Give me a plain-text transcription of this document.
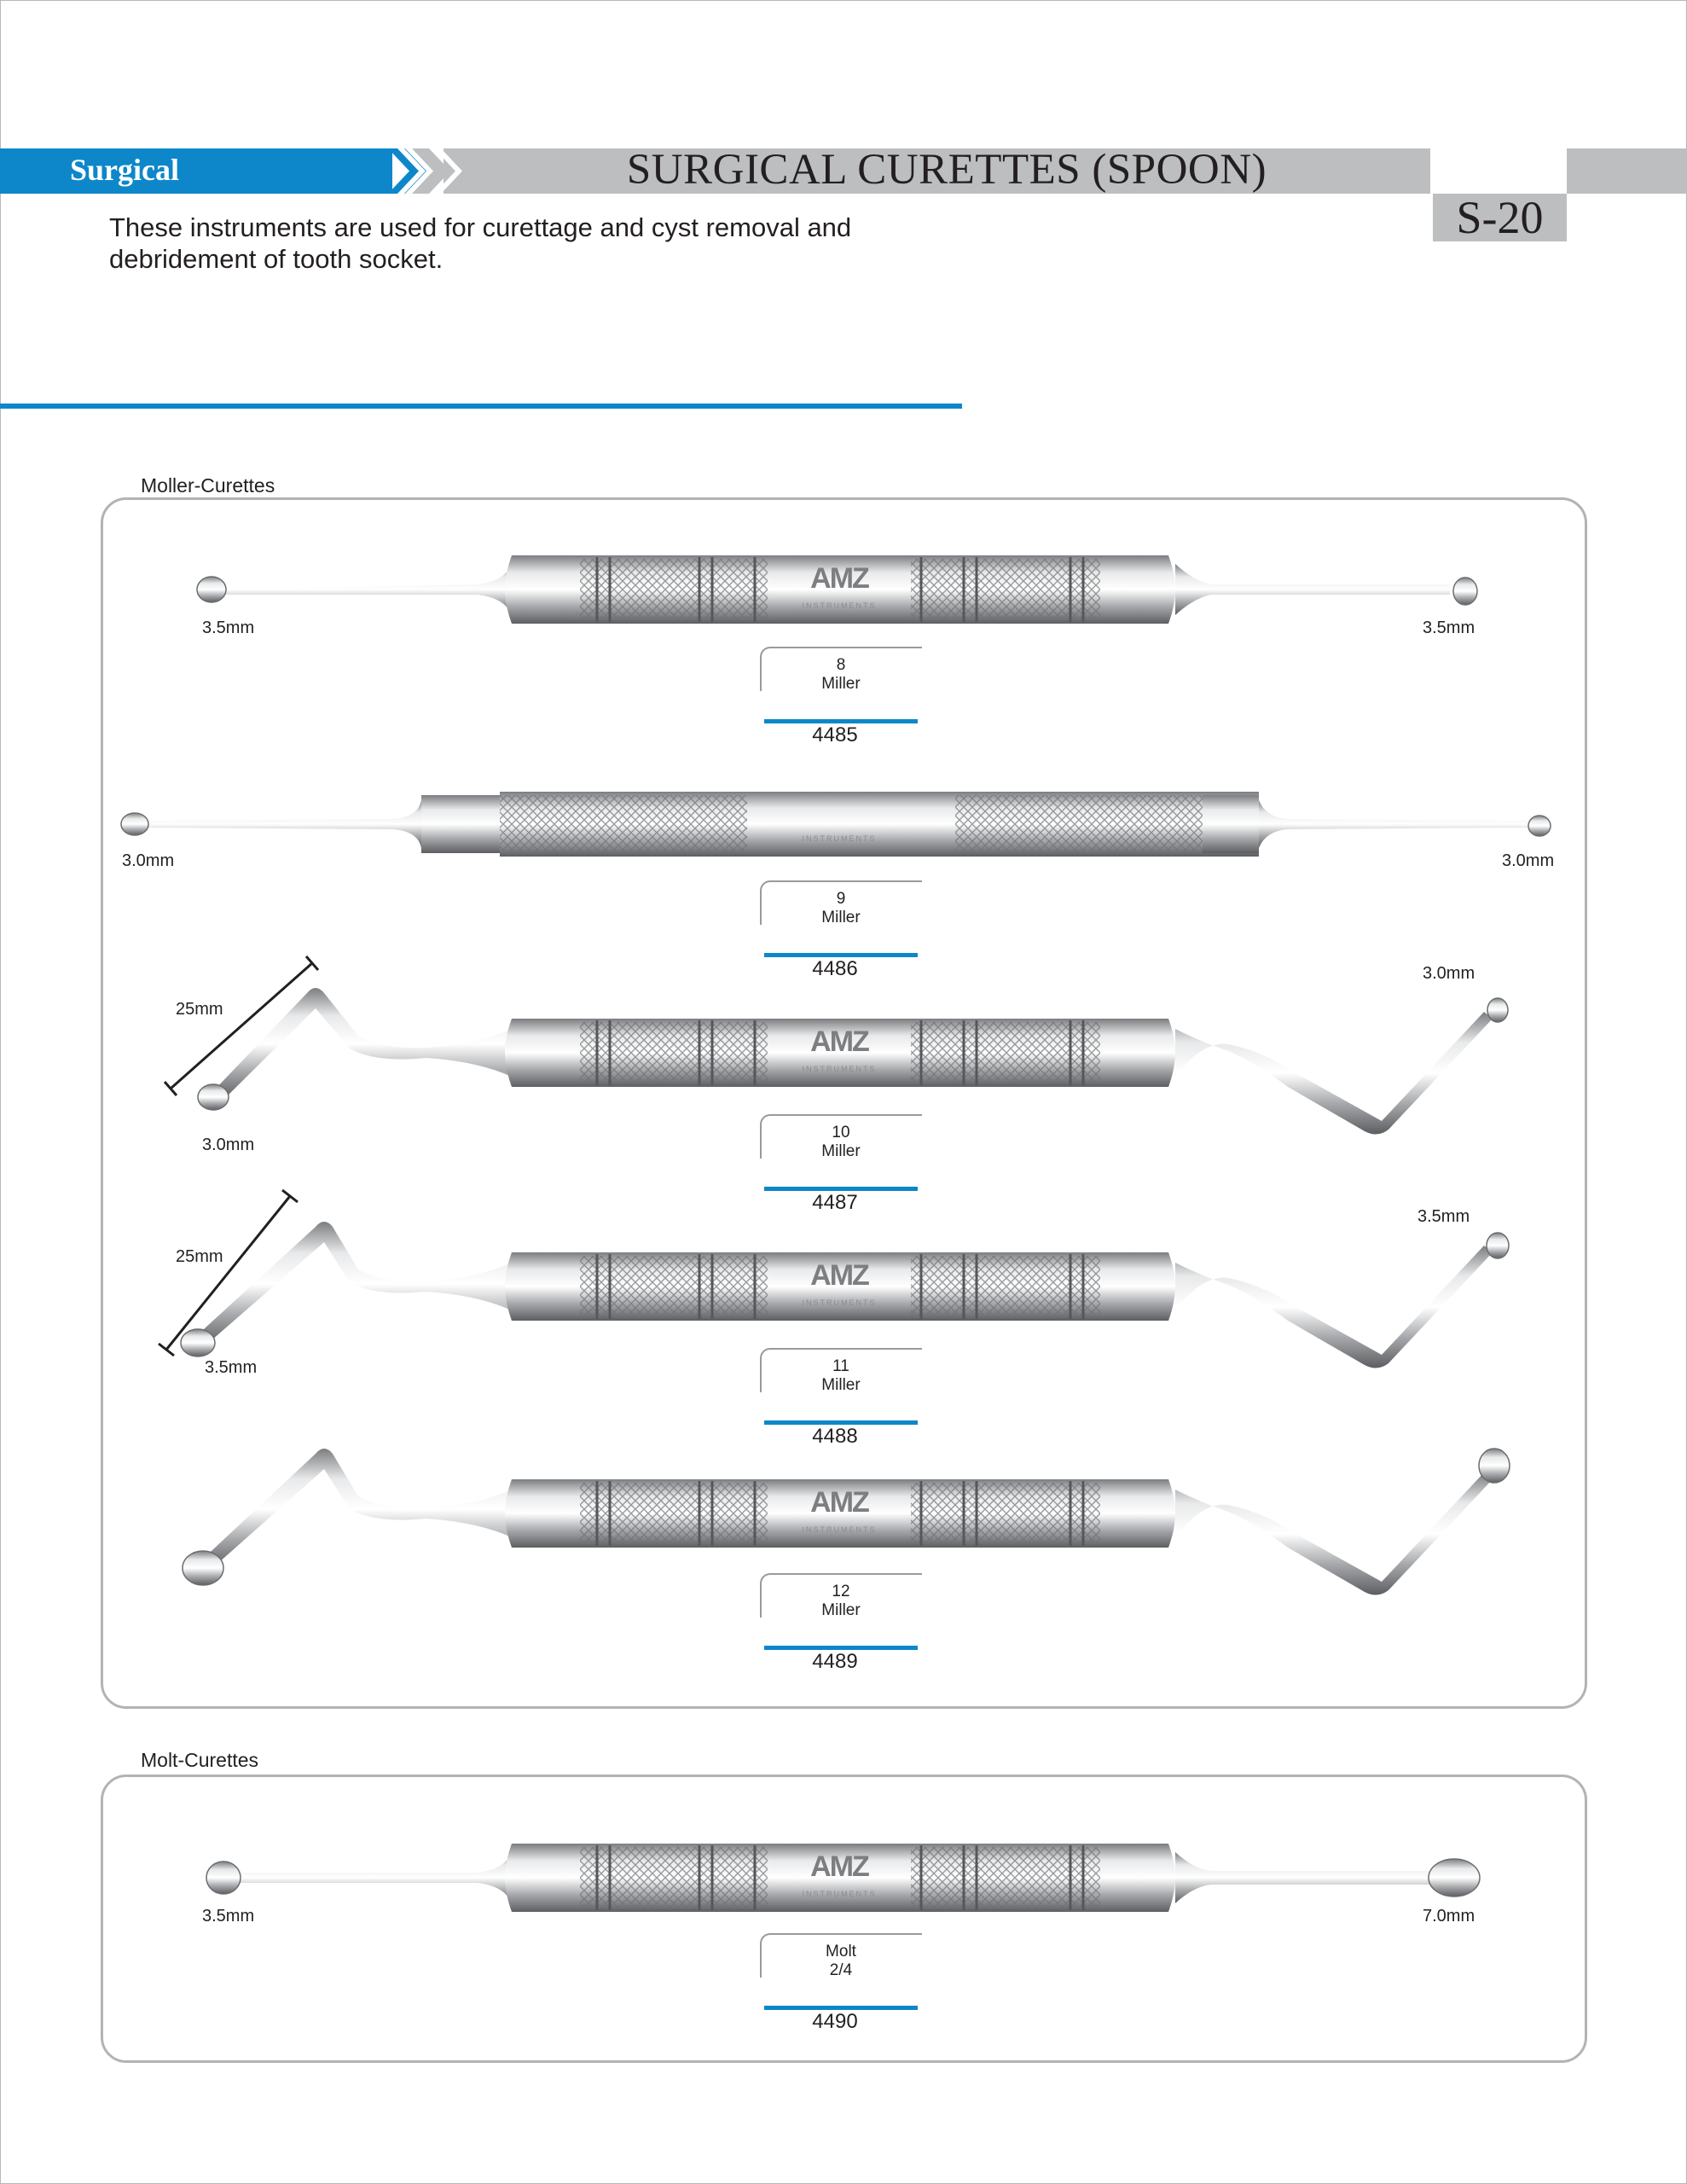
Surgical	SURGICAL CURETTES (SPOON)
S-20
These instruments are used for curettage and cyst removal and debridement of tooth socket.
Moller-Curettes
3.5mm	3.5mm
8
Miller
4485
INSTRUMENTS
3.0mm	3.0mm
9
Miller
4486
25mm
3.0mm
3.0mm
10
Miller
4487
25mm
3.5mm
3.5mm
11
Miller
4488
12
Miller
4489
Molt-Curettes
3.5mm	7.0mm
Molt
2/4
4490
